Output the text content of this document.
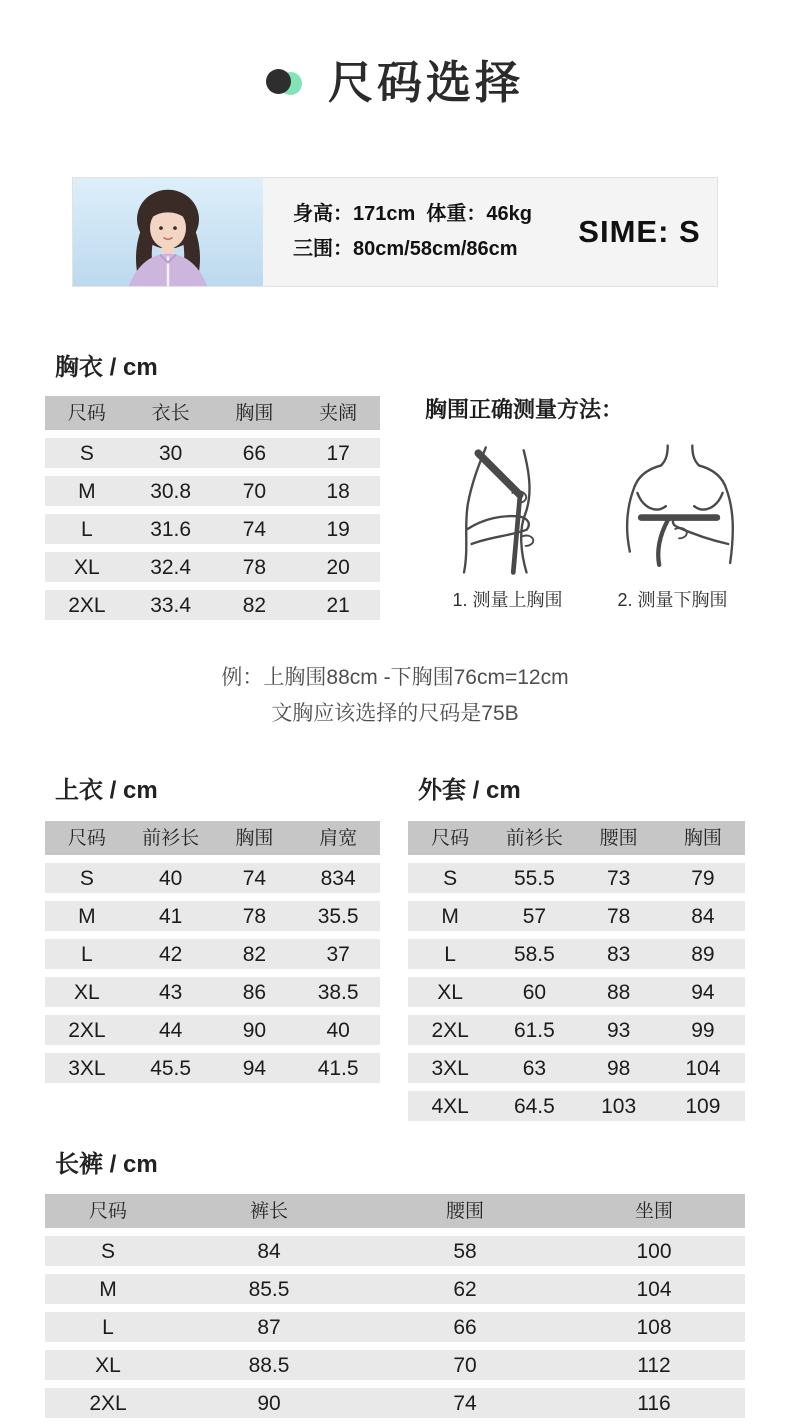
尺码选择
身高：171cm  体重：46kg
三围：80cm/58cm/86cm	SIME: S
胸衣 / cm
尺码	衣长	胸围	夹阔
S	30	66	17
M	30.8	70	18
L	31.6	74	19
XL	32.4	78	20
2XL	33.4	82	21
胸围正确测量方法：
1. 测量上胸围	2. 测量下胸围
例：上胸围88cm -下胸围76cm=12cm
文胸应该选择的尺码是75B
上衣 / cm
尺码	前衫长	胸围	肩宽
S	40	74	834
M	41	78	35.5
L	42	82	37
XL	43	86	38.5
2XL	44	90	40
3XL	45.5	94	41.5
外套 / cm
尺码	前衫长	腰围	胸围
S	55.5	73	79
M	57	78	84
L	58.5	83	89
XL	60	88	94
2XL	61.5	93	99
3XL	63	98	104
4XL	64.5	103	109
长裤 / cm
尺码	裤长	腰围	坐围
S	84	58	100
M	85.5	62	104
L	87	66	108
XL	88.5	70	112
2XL	90	74	116
